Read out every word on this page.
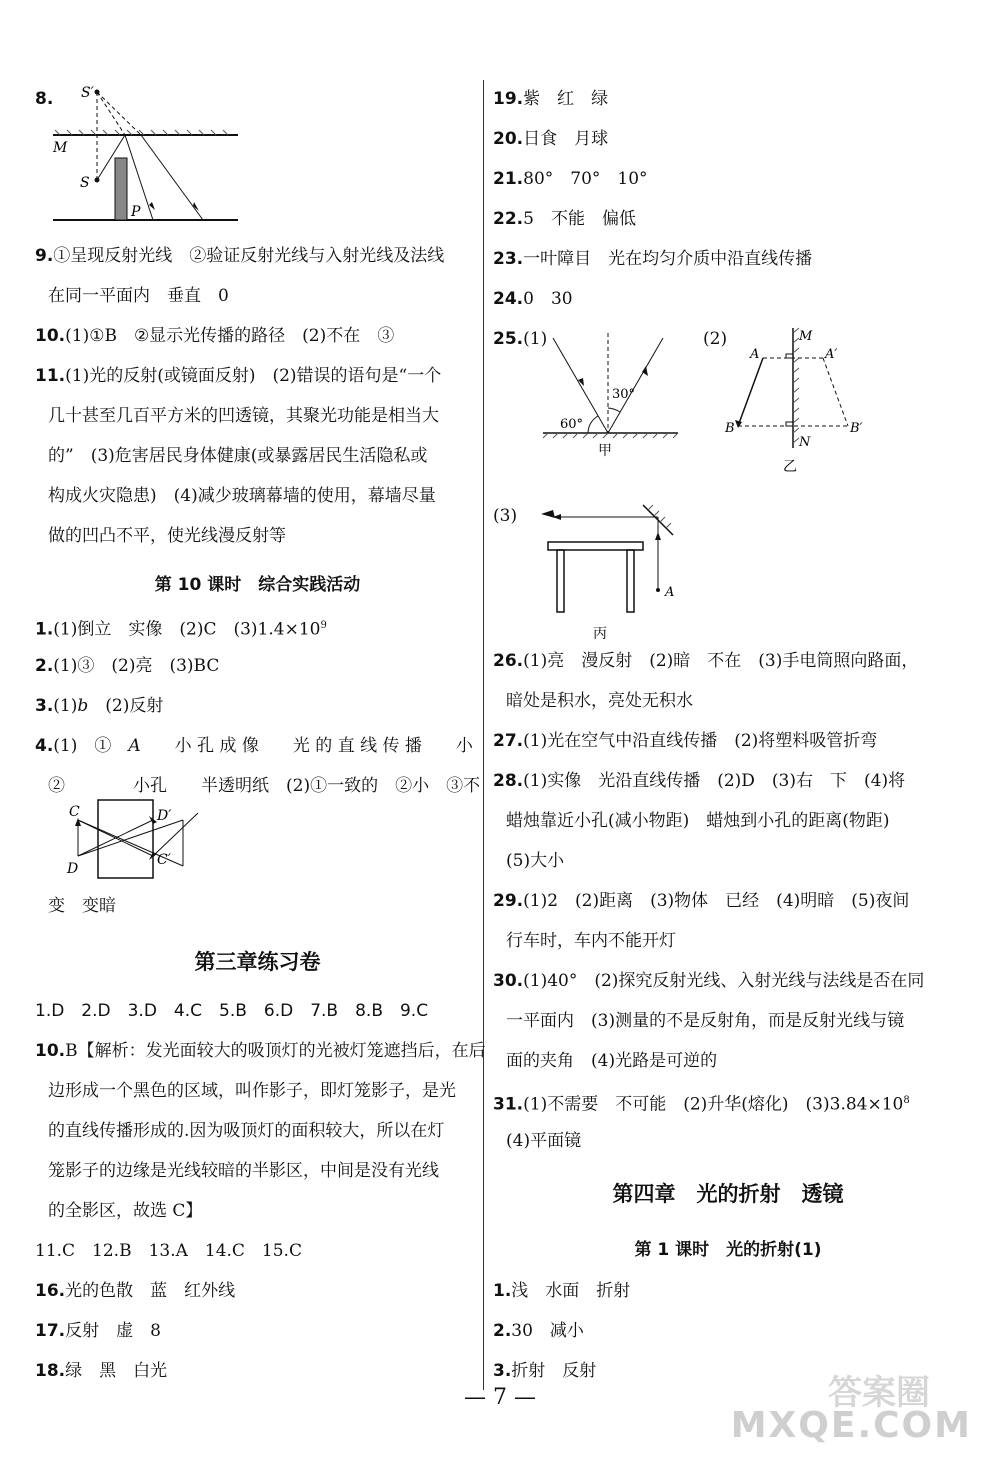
8. S′
M
S
P
9.①呈现反射光线　②验证反射光线与入射光线及法线
在同一平面内　垂直　0
10.(1)①B　②显示光传播的路径　(2)不在　③
11.(1)光的反射(或镜面反射)　(2)错误的语句是“一个
几十甚至几百平方米的凹透镜，其聚光功能是相当大
的”　(3)危害居民身体健康(或暴露居民生活隐私或
构成火灾隐患)　(4)减少玻璃幕墙的使用，幕墙尽量
做的凹凸不平，使光线漫反射等
第 10 课时　综合实践活动
1.(1)倒立　实像　(2)C　$(3)1.4\times 10^9$
2.(1)③　(2)亮　(3)BC
3.(1)b　(2)反射
4.(1)　①　A　　小 孔 成 像　　光 的 直 线 传 播　　小
②　　　　小孔　　半透明纸　(2)①一致的　②小　③不
C
D
D′
C′
变　变暗
第三章练习卷
1.D　2.D　3.D　4.C　5.B　6.D　7.B　8.B　9.C
10.B【解析：发光面较大的吸顶灯的光被灯笼遮挡后，在后
边形成一个黑色的区域，叫作影子，即灯笼影子，是光
的直线传播形成的.因为吸顶灯的面积较大，所以在灯
笼影子的边缘是光线较暗的半影区，中间是没有光线
的全影区，故选 C】
11.C　12.B　13.A　14.C　15.C
16.光的色散　蓝　红外线
17.反射　虚　8
18.绿　黑　白光
19.紫　红　绿
20.日食　月球
21.80°　70°　10°
22.5　不能　偏低
23.一叶障目　光在均匀介质中沿直线传播
24.0　30
25.(1)
60°
30°
甲
(2)	M
N
A	A′
B	B′
乙
(3)
A
丙
26.(1)亮　漫反射　(2)暗　不在　(3)手电筒照向路面，
暗处是积水，亮处无积水
27.(1)光在空气中沿直线传播　(2)将塑料吸管折弯
28.(1)实像　光沿直线传播　(2)D　(3)右　下　(4)将
蜡烛靠近小孔(减小物距)　蜡烛到小孔的距离(物距)
(5)大小
29.(1)2　(2)距离　(3)物体　已经　(4)明暗　(5)夜间
行车时，车内不能开灯
30.(1)40°　(2)探究反射光线、入射光线与法线是否在同
一平面内　(3)测量的不是反射角，而是反射光线与镜
面的夹角　(4)光路是可逆的
31.(1)不需要　不可能　(2)升华(熔化)　$(3)3.84\times 10^8$
(4)平面镜
第四章　光的折射　透镜
第 1 课时　光的折射(1)
1.浅　水面　折射
2.30　减小
3.折射　反射
— 7 —	答案圈
MXQE.COM
